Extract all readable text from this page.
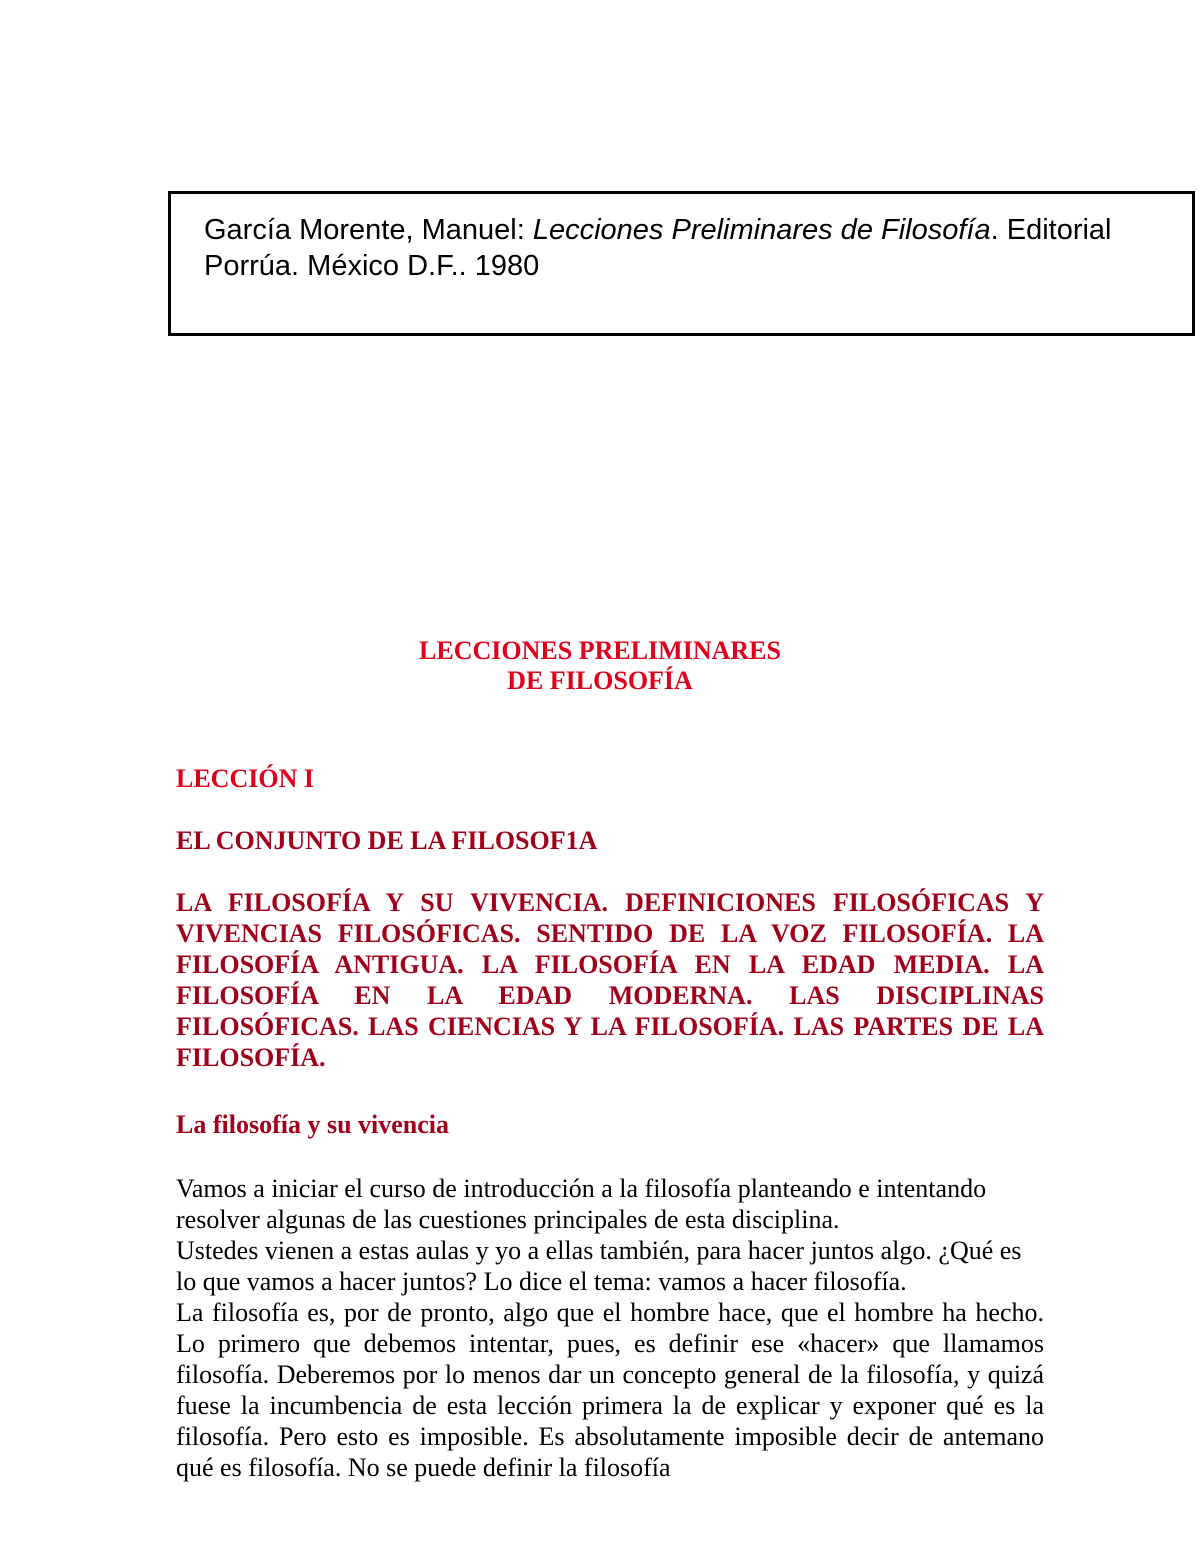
García Morente, Manuel: Lecciones Preliminares de Filosofía. Editorial Porrúa. México D.F.. 1980
LECCIONES PRELIMINARES
DE FILOSOFÍA
LECCIÓN I
EL CONJUNTO DE LA FILOSOF1A
LA FILOSOFÍA Y SU VIVENCIA. DEFINICIONES FILOSÓFICAS Y VIVENCIAS FILOSÓFICAS. SENTIDO DE LA VOZ FILOSOFÍA. LA FILOSOFÍA ANTIGUA. LA FILOSOFÍA EN LA EDAD MEDIA. LA FILOSOFÍA EN LA EDAD MODERNA. LAS DISCIPLINAS FILOSÓFICAS. LAS CIENCIAS Y LA FILOSOFÍA. LAS PARTES DE LA FILOSOFÍA.
La filosofía y su vivencia

Vamos a iniciar el curso de introducción a la filosofía planteando e intentando resolver algunas de las cuestiones principales de esta disciplina.

Ustedes vienen a estas aulas y yo a ellas también, para hacer juntos algo. ¿Qué es lo que vamos a hacer juntos? Lo dice el tema: vamos a hacer filosofía.

La filosofía es, por de pronto, algo que el hombre hace, que el hombre ha hecho. Lo primero que debemos intentar, pues, es definir ese «hacer» que llamamos filosofía. Deberemos por lo menos dar un concepto general de la filosofía, y quizá fuese la incumbencia de esta lección primera la de explicar y exponer qué es la filosofía. Pero esto es imposible. Es absolutamente imposible decir de antemano qué es filosofía. No se puede definir la filosofía
